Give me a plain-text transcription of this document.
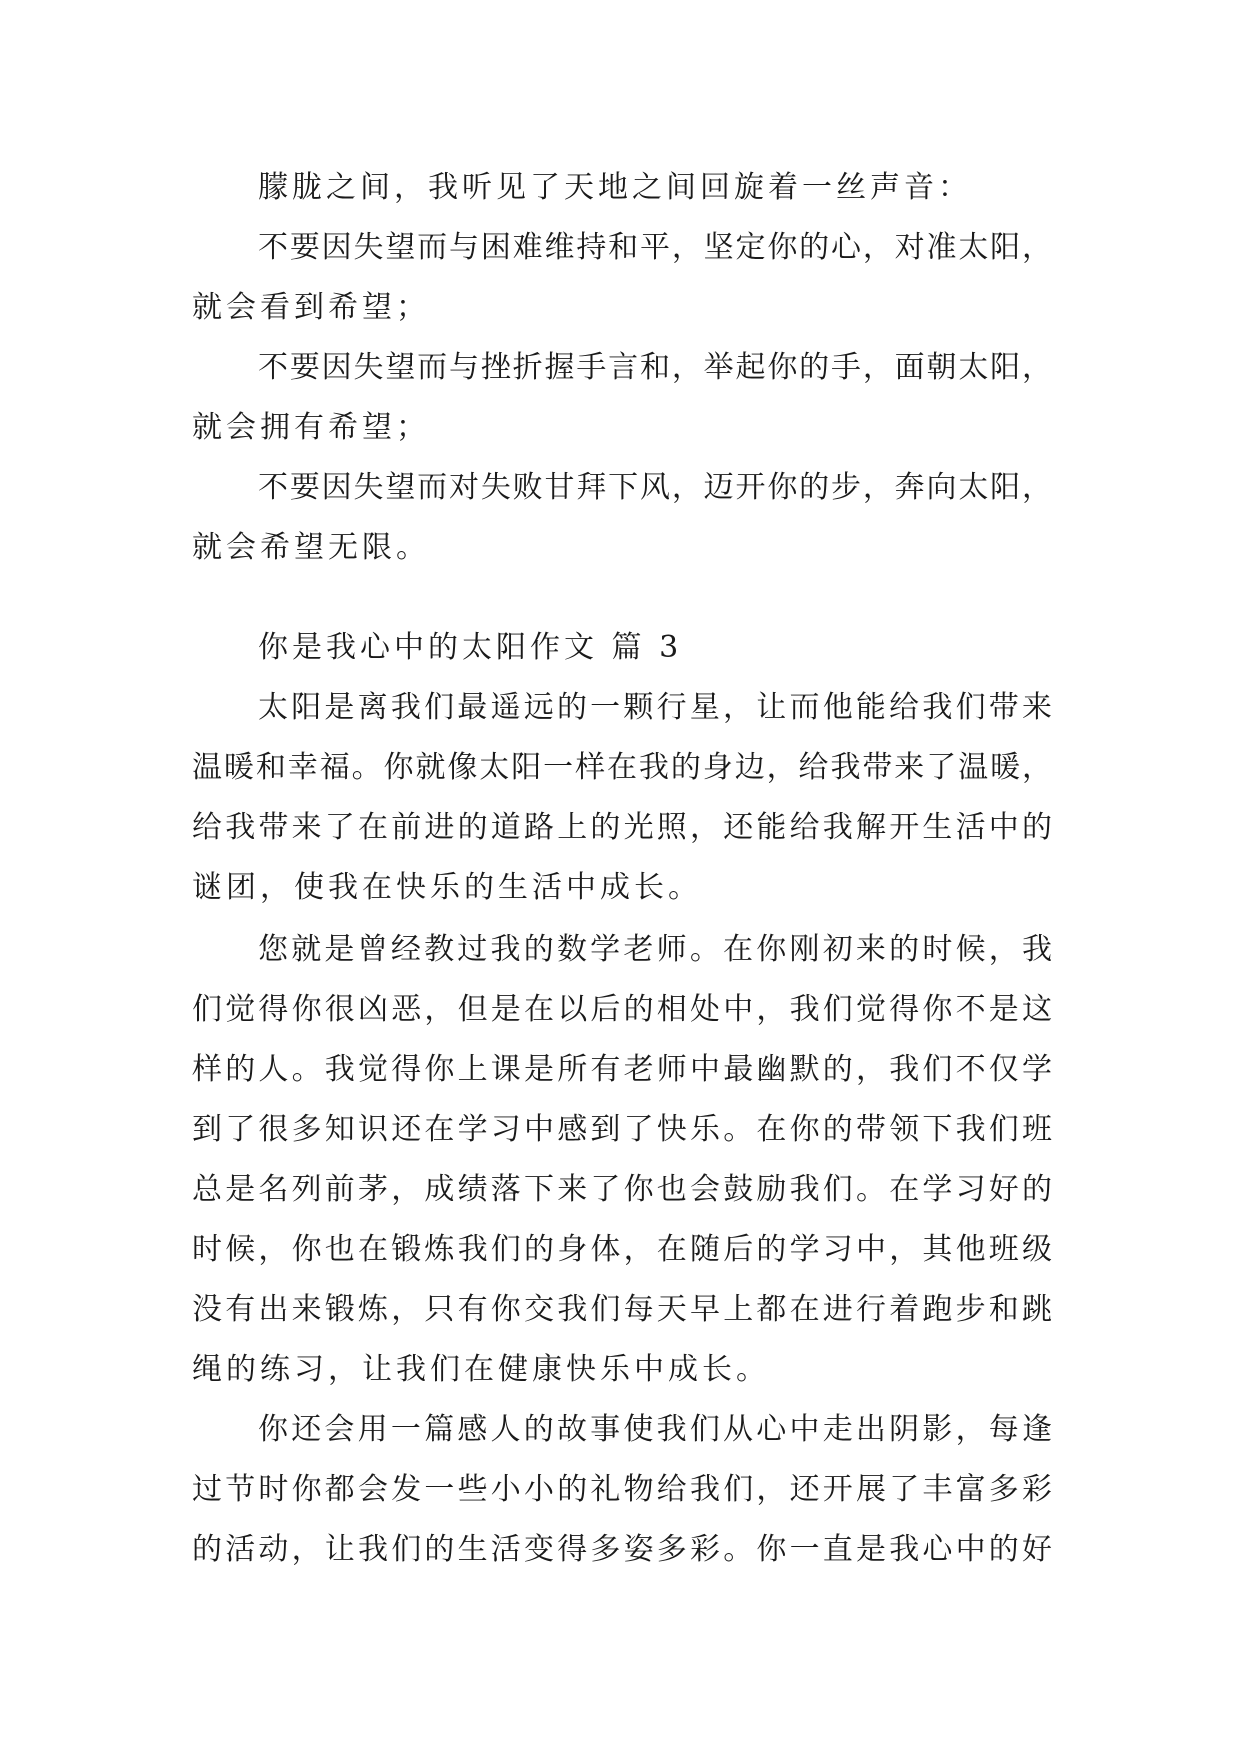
朦胧之间，我听见了天地之间回旋着一丝声音：
不要因失望而与困难维持和平，坚定你的心，对准太阳，
就会看到希望；
不要因失望而与挫折握手言和，举起你的手，面朝太阳，
就会拥有希望；
不要因失望而对失败甘拜下风，迈开你的步，奔向太阳，
就会希望无限。
你是我心中的太阳作文 篇 3
太阳是离我们最遥远的一颗行星，让而他能给我们带来
温暖和幸福。你就像太阳一样在我的身边，给我带来了温暖，
给我带来了在前进的道路上的光照，还能给我解开生活中的
谜团，使我在快乐的生活中成长。
您就是曾经教过我的数学老师。在你刚初来的时候，我
们觉得你很凶恶，但是在以后的相处中，我们觉得你不是这
样的人。我觉得你上课是所有老师中最幽默的，我们不仅学
到了很多知识还在学习中感到了快乐。在你的带领下我们班
总是名列前茅，成绩落下来了你也会鼓励我们。在学习好的
时候，你也在锻炼我们的身体，在随后的学习中，其他班级
没有出来锻炼，只有你交我们每天早上都在进行着跑步和跳
绳的练习，让我们在健康快乐中成长。
你还会用一篇感人的故事使我们从心中走出阴影，每逢
过节时你都会发一些小小的礼物给我们，还开展了丰富多彩
的活动，让我们的生活变得多姿多彩。你一直是我心中的好
